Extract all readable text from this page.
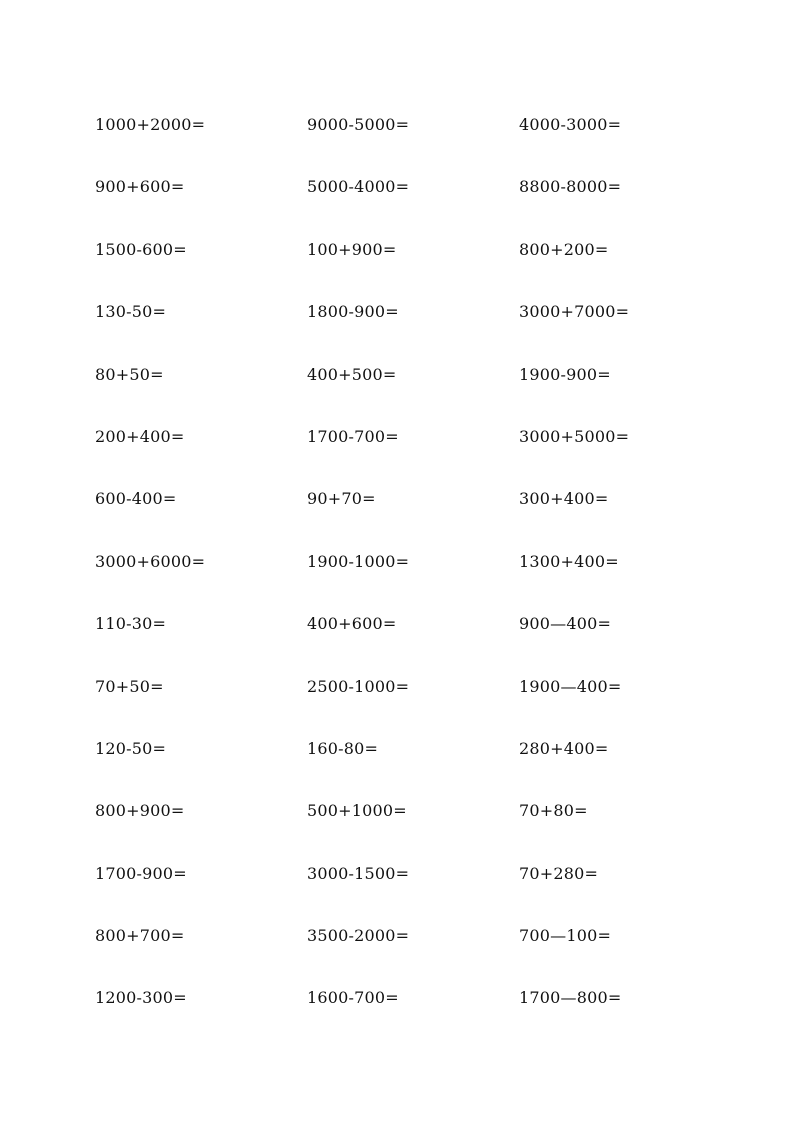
1000+2000=	9000-5000=	4000-3000=
900+600=	5000-4000=	8800-8000=
1500-600=	100+900=	800+200=
130-50=	1800-900=	3000+7000=
80+50=	400+500=	1900-900=
200+400=	1700-700=	3000+5000=
600-400=	90+70=	300+400=
3000+6000=	1900-1000=	1300+400=
110-30=	400+600=	900—400=
70+50=	2500-1000=	1900—400=
120-50=	160-80=	280+400=
800+900=	500+1000=	70+80=
1700-900=	3000-1500=	70+280=
800+700=	3500-2000=	700—100=
1200-300=	1600-700=	1700—800=
